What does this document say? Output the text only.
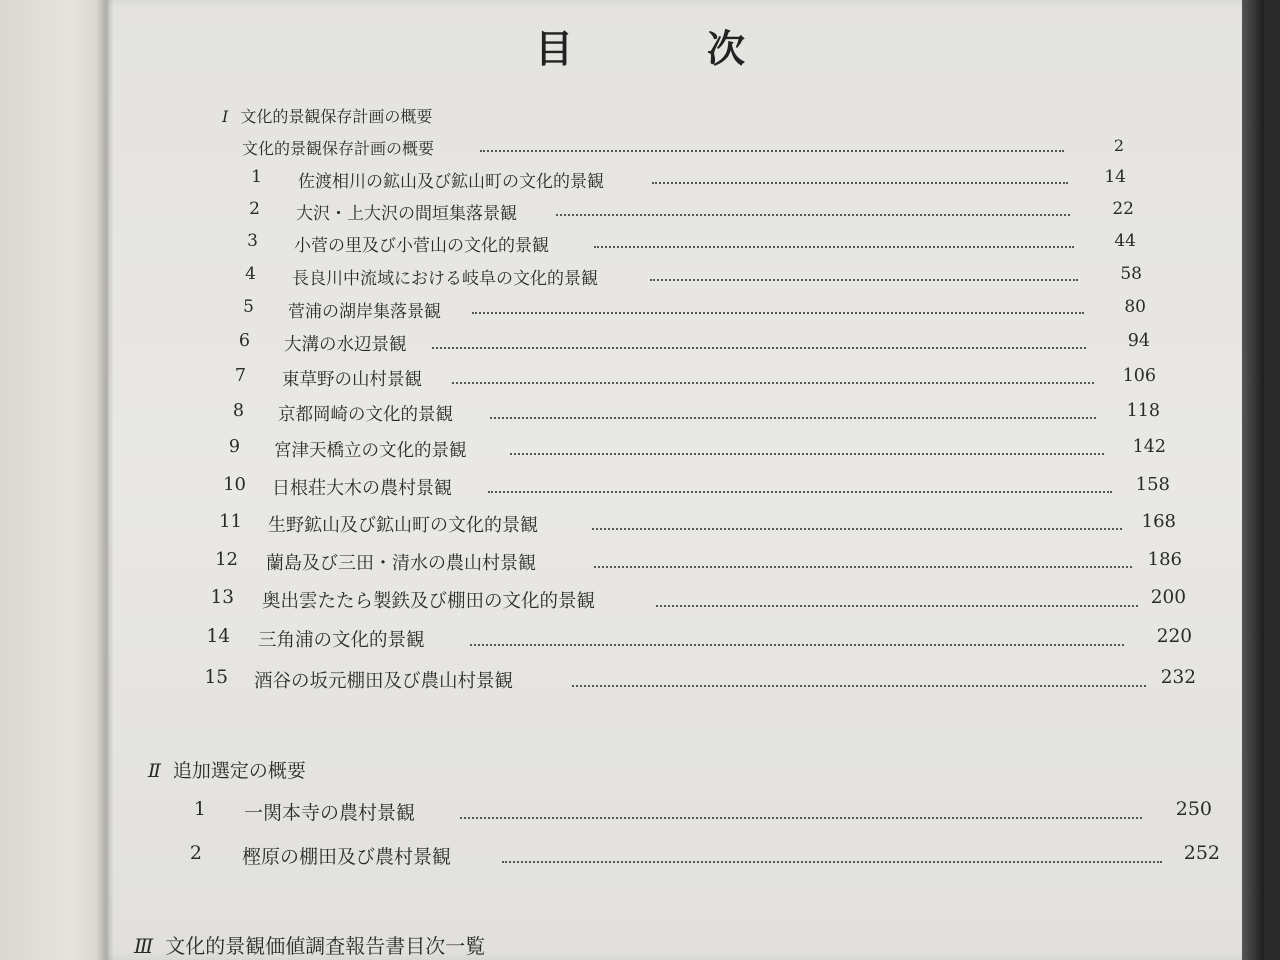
目　次
Ⅰ 文化的景観保存計画の概要
文化的景観保存計画の概要	2
1 佐渡相川の鉱山及び鉱山町の文化的景観	14
2 大沢・上大沢の間垣集落景観	22
3 小菅の里及び小菅山の文化的景観	44
4 長良川中流域における岐阜の文化的景観	58
5 菅浦の湖岸集落景観	80
6 大溝の水辺景観	94
7 東草野の山村景観	106
8 京都岡崎の文化的景観	118
9 宮津天橋立の文化的景観	142
10 日根荘大木の農村景観	158
11 生野鉱山及び鉱山町の文化的景観	168
12 蘭島及び三田・清水の農山村景観	186
13 奥出雲たたら製鉄及び棚田の文化的景観	200
14 三角浦の文化的景観	220
15 酒谷の坂元棚田及び農山村景観	232
Ⅱ 追加選定の概要
1 一関本寺の農村景観	250
2 樫原の棚田及び農村景観	252
Ⅲ 文化的景観価値調査報告書目次一覧
